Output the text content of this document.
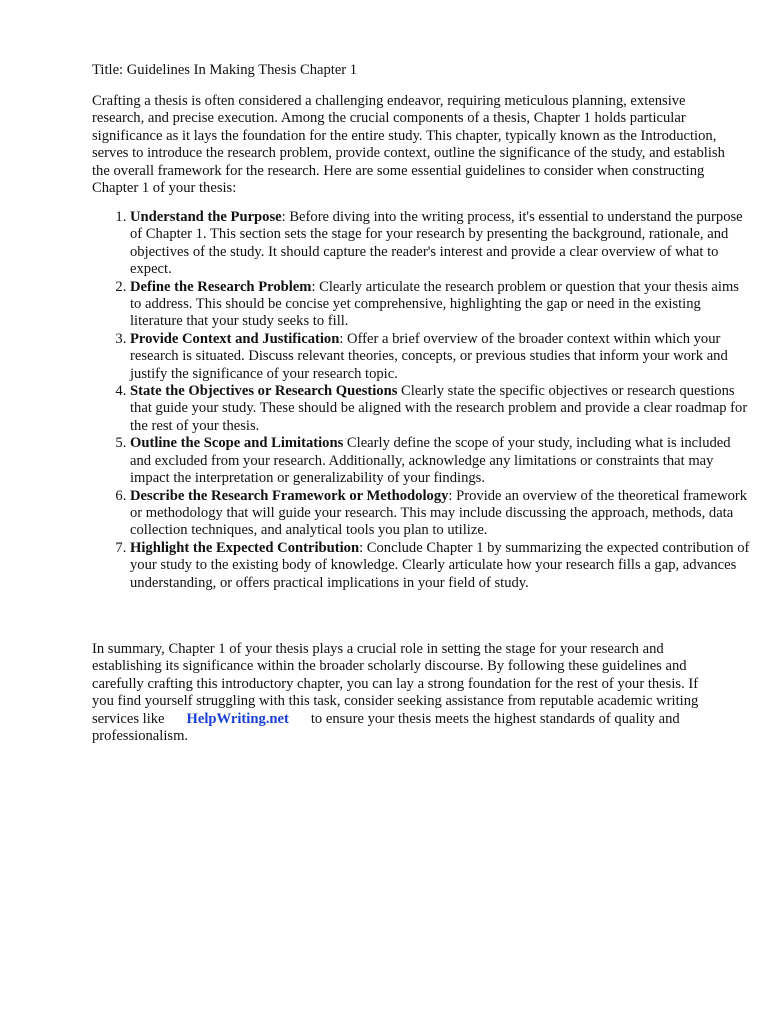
Title: Guidelines In Making Thesis Chapter 1

Crafting a thesis is often considered a challenging endeavor, requiring meticulous planning, extensive research, and precise execution. Among the crucial components of a thesis, Chapter 1 holds particular significance as it lays the foundation for the entire study. This chapter, typically known as the Introduction, serves to introduce the research problem, provide context, outline the significance of the study, and establish the overall framework for the research. Here are some essential guidelines to consider when constructing Chapter 1 of your thesis:

1. Understand the Purpose: Before diving into the writing process, it's essential to understand the purpose of Chapter 1. This section sets the stage for your research by presenting the background, rationale, and objectives of the study. It should capture the reader's interest and provide a clear overview of what to expect.
2. Define the Research Problem: Clearly articulate the research problem or question that your thesis aims to address. This should be concise yet comprehensive, highlighting the gap or need in the existing literature that your study seeks to fill.
3. Provide Context and Justification: Offer a brief overview of the broader context within which your research is situated. Discuss relevant theories, concepts, or previous studies that inform your work and justify the significance of your research topic.
4. State the Objectives or Research Questions Clearly state the specific objectives or research questions that guide your study. These should be aligned with the research problem and provide a clear roadmap for the rest of your thesis.
5. Outline the Scope and Limitations Clearly define the scope of your study, including what is included and excluded from your research. Additionally, acknowledge any limitations or constraints that may impact the interpretation or generalizability of your findings.
6. Describe the Research Framework or Methodology: Provide an overview of the theoretical framework or methodology that will guide your research. This may include discussing the approach, methods, data collection techniques, and analytical tools you plan to utilize.
7. Highlight the Expected Contribution: Conclude Chapter 1 by summarizing the expected contribution of your study to the existing body of knowledge. Clearly articulate how your research fills a gap, advances understanding, or offers practical implications in your field of study.

In summary, Chapter 1 of your thesis plays a crucial role in setting the stage for your research and establishing its significance within the broader scholarly discourse. By following these guidelines and carefully crafting this introductory chapter, you can lay a strong foundation for the rest of your thesis. If you find yourself struggling with this task, consider seeking assistance from reputable academic writing services like HelpWriting.net to ensure your thesis meets the highest standards of quality and professionalism.
